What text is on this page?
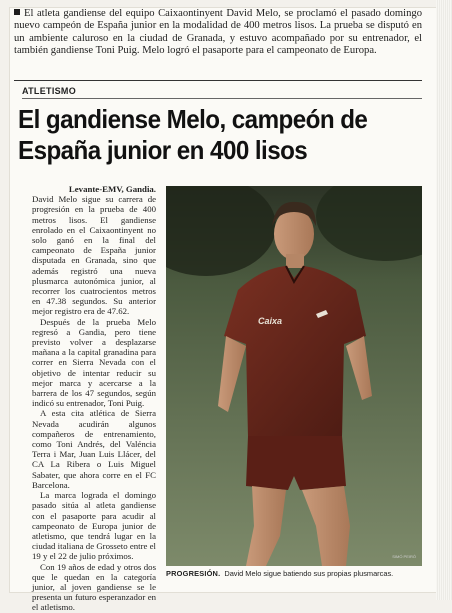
El atleta gandiense del equipo Caixaontinyent David Melo, se proclamó el pasado domingo nuevo campeón de España junior en la modalidad de 400 metros lisos. La prueba se disputó en un ambiente caluroso en la ciudad de Granada, y estuvo acompañado por su entrenador, el también gandiense Toni Puig. Melo logró el pasaporte para el campeonato de Europa.
ATLETISMO
El gandiense Melo, campeón de España junior en 400 lisos
Levante-EMV, Gandia.

David Melo sigue su carrera de progresión en la prueba de 400 metros lisos. El gandiense enrolado en el Caixaontinyent no solo ganó en la final del campeonato de España junior disputada en Granada, sino que además registró una nueva plusmarca autonómica junior, al recorrer los cuatrocientos metros en 47.38 segundos. Su anterior mejor registro era de 47.62.

Después de la prueba Melo regresó a Gandia, pero tiene previsto volver a desplazarse mañana a la capital granadina para correr en Sierra Nevada con el objetivo de intentar reducir su mejor marca y acercarse a la barrera de los 47 segundos, según indicó su entrenador, Toni Puig.

A esta cita atlética de Sierra Nevada acudirán algunos compañeros de entrenamiento, como Toni Andrés, del Valéncia Terra i Mar, Juan Luis Llácer, del CA La Ribera o Luis Miguel Sabater, que ahora corre en el FC Barcelona.

La marca lograda el domingo pasado sitúa al atleta gandiense con el pasaporte para acudir al campeonato de Europa junior de atletismo, que tendrá lugar en la ciudad italiana de Grosseto entre el 19 y el 22 de julio próximos.

Con 19 años de edad y otros dos que le quedan en la categoría junior, al joven gandiense se le presenta un futuro esperanzador en el atletismo.

Caixa
SIMÓ PEIRÓ
PROGRESIÓN. David Melo sigue batiendo sus propias plusmarcas.
